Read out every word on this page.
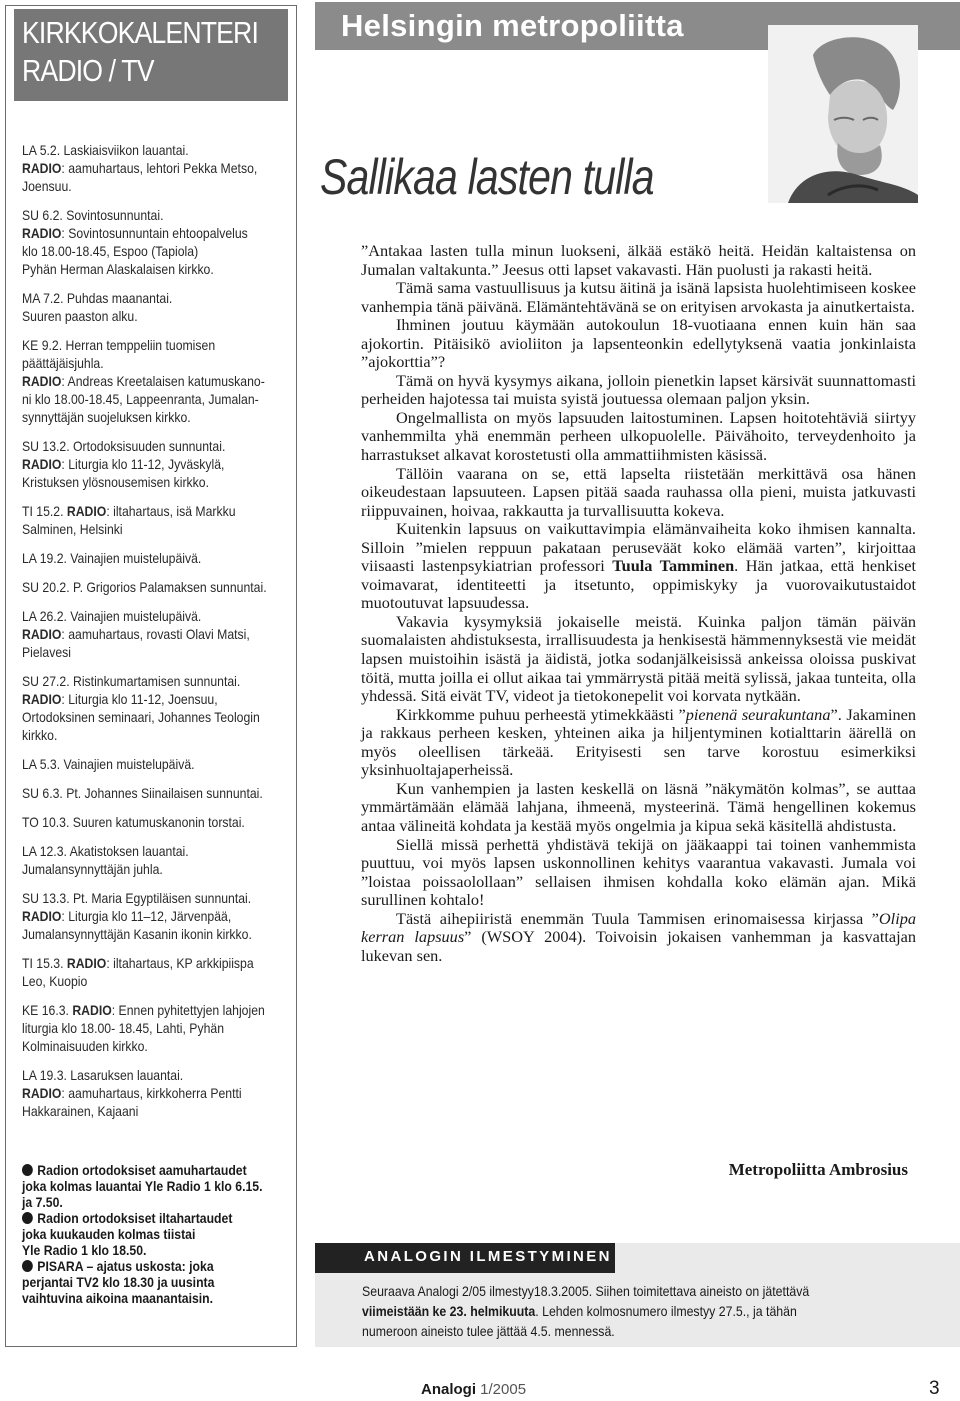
KIRKKOKALENTERI
RADIO / TV
LA 5.2. Laskiaisviikon lauantai.
RADIO: aamuhartaus, lehtori Pekka Metso,
Joensuu.
SU 6.2. Sovintosunnuntai.
RADIO: Sovintosunnuntain ehtoopalvelus
klo 18.00-18.45, Espoo (Tapiola)
Pyhän Herman Alaskalaisen kirkko.
MA 7.2. Puhdas maanantai.
Suuren paaston alku.
KE 9.2. Herran temppeliin tuomisen
päättäjäisjuhla.
RADIO: Andreas Kreetalaisen katumuskano-
ni klo 18.00-18.45, Lappeenranta, Jumalan-
synnyttäjän suojeluksen kirkko.
SU 13.2. Ortodoksisuuden sunnuntai.
RADIO: Liturgia klo 11-12, Jyväskylä,
Kristuksen ylösnousemisen kirkko.
TI 15.2. RADIO: iltahartaus, isä Markku
Salminen, Helsinki
LA 19.2. Vainajien muistelupäivä.
SU 20.2. P. Grigorios Palamaksen sunnuntai.
LA 26.2. Vainajien muistelupäivä.
RADIO: aamuhartaus, rovasti Olavi Matsi,
Pielavesi
SU 27.2. Ristinkumartamisen sunnuntai.
RADIO: Liturgia klo 11-12, Joensuu,
Ortodoksinen seminaari, Johannes Teologin
kirkko.
LA 5.3. Vainajien muistelupäivä.
SU 6.3. Pt. Johannes Siinailaisen sunnuntai.
TO 10.3. Suuren katumuskanonin torstai.
LA 12.3. Akatistoksen lauantai.
Jumalansynnyttäjän juhla.
SU 13.3. Pt. Maria Egyptiläisen sunnuntai.
RADIO: Liturgia klo 11–12, Järvenpää,
Jumalansynnyttäjän Kasanin ikonin kirkko.
TI 15.3. RADIO: iltahartaus, KP arkkipiispa
Leo, Kuopio
KE 16.3. RADIO: Ennen pyhitettyjen lahjojen
liturgia klo 18.00- 18.45, Lahti, Pyhän
Kolminaisuuden kirkko.
LA 19.3. Lasaruksen lauantai.
RADIO: aamuhartaus, kirkkoherra Pentti
Hakkarainen, Kajaani
Radion ortodoksiset aamuhartaudet
joka kolmas lauantai Yle Radio 1 klo 6.15.
ja 7.50.
Radion ortodoksiset iltahartaudet
joka kuukauden kolmas tiistai
Yle Radio 1 klo 18.50.
PISARA – ajatus uskosta: joka
perjantai TV2 klo 18.30 ja uusinta
vaihtuvina aikoina maanantaisin.
Helsingin metropoliitta
Sallikaa lasten tulla

”Antakaa lasten tulla minun luokseni, älkää estäkö heitä. Heidän kaltaistensa on Jumalan valtakunta.” Jeesus otti lapset vakavasti. Hän puolusti ja rakasti heitä.

Tämä sama vastuullisuus ja kutsu äitinä ja isänä lapsista huolehtimiseen koskee vanhempia tänä päivänä. Elämäntehtävänä se on erityisen arvokasta ja ainutkertaista.

Ihminen joutuu käymään autokoulun 18-vuotiaana ennen kuin hän saa ajokortin. Pitäisikö avioliiton ja lapsenteonkin edellytyksenä vaatia jonkinlaista ”ajokorttia”?

Tämä on hyvä kysymys aikana, jolloin pienetkin lapset kärsivät suunnattomasti perheiden hajotessa tai muista syistä joutuessa olemaan paljon yksin.

Ongelmallista on myös lapsuuden laitostuminen. Lapsen hoitotehtäviä siirtyy vanhemmilta yhä enemmän perheen ulkopuolelle. Päivähoito, terveydenhoito ja harrastukset alkavat korostetusti olla ammattiihmisten käsissä.

Tällöin vaarana on se, että lapselta riistetään merkittävä osa hänen oikeudestaan lapsuuteen. Lapsen pitää saada rauhassa olla pieni, muista jatkuvasti riippuvainen, hoivaa, rakkautta ja turvallisuutta kokeva.

Kuitenkin lapsuus on vaikuttavimpia elämänvaiheita koko ihmisen kannalta. Silloin ”mielen reppuun pakataan peruseväät koko elämää varten”, kirjoittaa viisaasti lastenpsykiatrian professori Tuula Tamminen. Hän jatkaa, että henkiset voimavarat, identiteetti ja itsetunto, oppimiskyky ja vuorovaikutustaidot muotoutuvat lapsuudessa.

Vakavia kysymyksiä jokaiselle meistä. Kuinka paljon tämän päivän suomalaisten ahdistuksesta, irrallisuudesta ja henkisestä hämmennyksestä vie meidät lapsen muistoihin isästä ja äidistä, jotka sodanjälkeisissä ankeissa oloissa puskivat töitä, mutta joilla ei ollut aikaa tai ymmärrystä pitää meitä sylissä, jakaa tunteita, olla yhdessä. Sitä eivät TV, videot ja tietokonepelit voi korvata nytkään.

Kirkkomme puhuu perheestä ytimekkäästi ”pienenä seurakuntana”. Jakaminen ja rakkaus perheen kesken, yhteinen aika ja hiljentyminen kotialttarin äärellä on myös oleellisen tärkeää. Erityisesti sen tarve korostuu esimerkiksi yksinhuoltajaperheissä.

Kun vanhempien ja lasten keskellä on läsnä ”näkymätön kolmas”, se auttaa ymmärtämään elämää lahjana, ihmeenä, mysteerinä. Tämä hengellinen kokemus antaa välineitä kohdata ja kestää myös ongelmia ja kipua sekä käsitellä ahdistusta.

Siellä missä perhettä yhdistävä tekijä on jääkaappi tai toinen vanhemmista puuttuu, voi myös lapsen uskonnollinen kehitys vaarantua vakavasti. Jumala voi ”loistaa poissaolollaan” sellaisen ihmisen kohdalla koko elämän ajan. Mikä surullinen kohtalo!

Tästä aihepiiristä enemmän Tuula Tammisen erinomaisessa kirjassa ”Olipa kerran lapsuus” (WSOY 2004). Toivoisin jokaisen vanhemman ja kasvattajan lukevan sen.

Metropoliitta Ambrosius
ANALOGIN ILMESTYMINEN
Seuraava Analogi 2/05 ilmestyy18.3.2005. Siihen toimitettava aineisto on jätettävä
viimeistään ke 23. helmikuuta. Lehden kolmosnumero ilmestyy 27.5., ja tähän
numeroon aineisto tulee jättää 4.5. mennessä.
Analogi 1/2005	3
